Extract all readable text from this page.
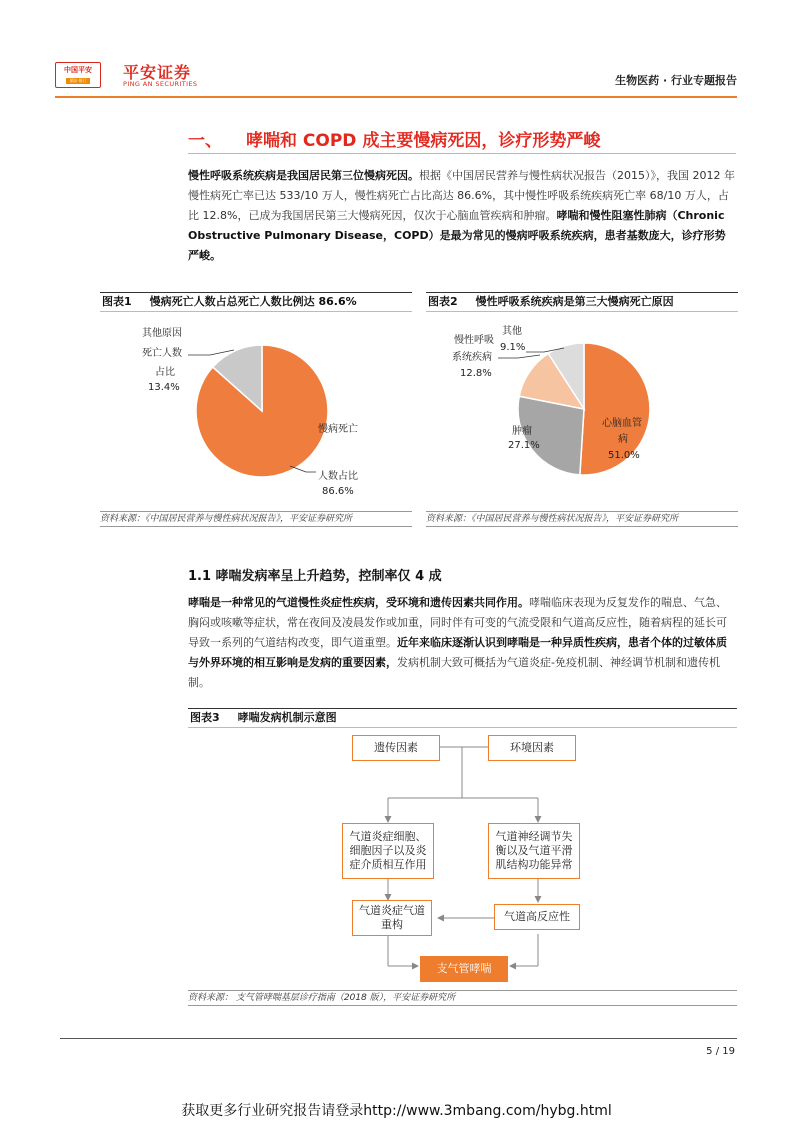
中国平安
保险·银行 平安证券
PING AN SECURITIES	生物医药 · 行业专题报告
一、 哮喘和 COPD 成主要慢病死因，诊疗形势严峻
慢性呼吸系统疾病是我国居民第三位慢病死因。根据《中国居民营养与慢性病状况报告（2015）》，我国 2012 年慢性病死亡率已达 533/10 万人，慢性病死亡占比高达 86.6%，其中慢性呼吸系统疾病死亡率 68/10 万人，占比 12.8%，已成为我国居民第三大慢病死因，仅次于心脑血管疾病和肿瘤。哮喘和慢性阻塞性肺病（Chronic Obstructive Pulmonary Disease，COPD）是最为常见的慢病呼吸系统疾病，患者基数庞大，诊疗形势严峻。
图表1 慢病死亡人数占总死亡人数比例达 86.6%
其他原因
死亡人数
占比
13.4%
慢病死亡
人数占比
86.6%
资料来源：《中国居民营养与慢性病状况报告》，平安证券研究所
图表2 慢性呼吸系统疾病是第三大慢病死亡原因
慢性呼吸
系统疾病
12.8%
其他
9.1%
肿瘤
27.1%
心脑血管
病
51.0%
资料来源：《中国居民营养与慢性病状况报告》，平安证券研究所
1.1 哮喘发病率呈上升趋势，控制率仅 4 成
哮喘是一种常见的气道慢性炎症性疾病，受环境和遗传因素共同作用。哮喘临床表现为反复发作的喘息、气急、胸闷或咳嗽等症状，常在夜间及凌晨发作或加重，同时伴有可变的气流受限和气道高反应性，随着病程的延长可导致一系列的气道结构改变，即气道重塑。近年来临床逐渐认识到哮喘是一种异质性疾病，患者个体的过敏体质与外界环境的相互影响是发病的重要因素，发病机制大致可概括为气道炎症-免疫机制、神经调节机制和遗传机制。
图表3 哮喘发病机制示意图
遗传因素	环境因素
气道炎症细胞、细胞因子以及炎症介质相互作用
气道神经调节失衡以及气道平滑肌结构功能异常
气道炎症气道重构
气道高反应性
支气管哮喘
资料来源： 支气管哮喘基层诊疗指南（2018 版），平安证券研究所
5 / 19
获取更多行业研究报告请登录http://www.3mbang.com/hybg.html
